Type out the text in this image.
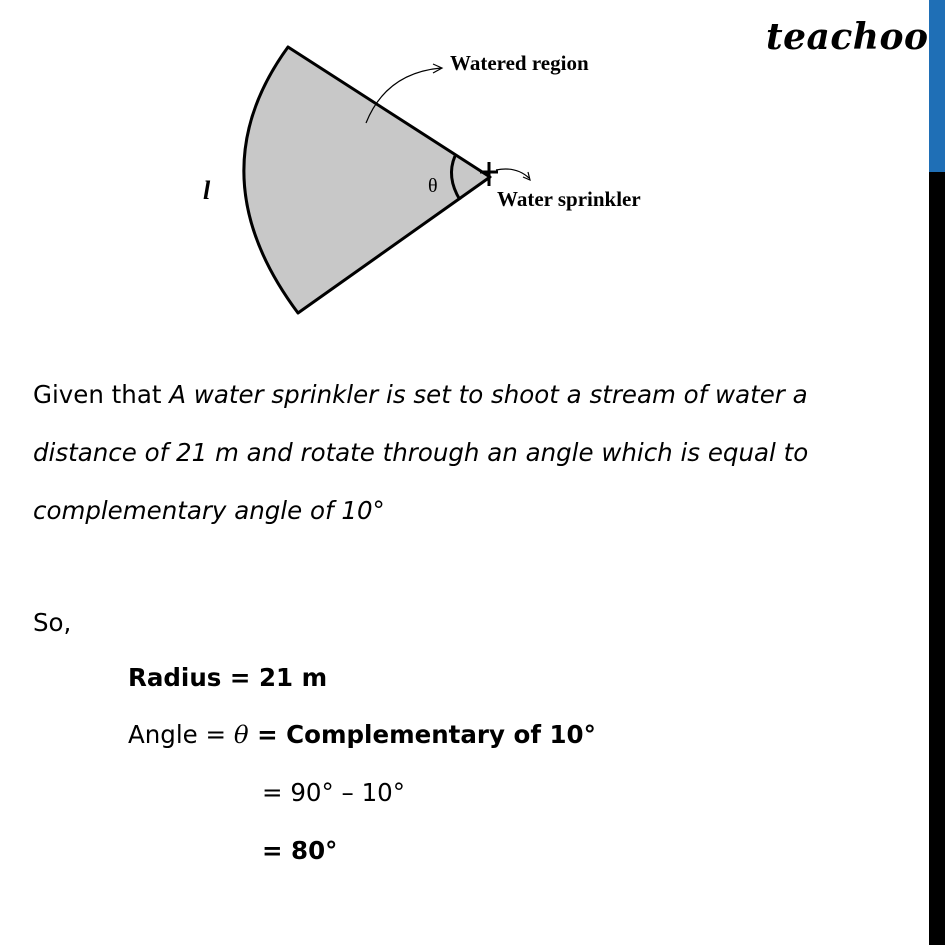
teachoo
Watered region
Water sprinkler
l	θ
Given that A water sprinkler is set to shoot a stream of water a
distance of 21 m and rotate through an angle which is equal to
complementary angle of 10°
So,
Radius = 21 m
Angle = θ = Complementary of 10°
= 90° – 10°
= 80°
